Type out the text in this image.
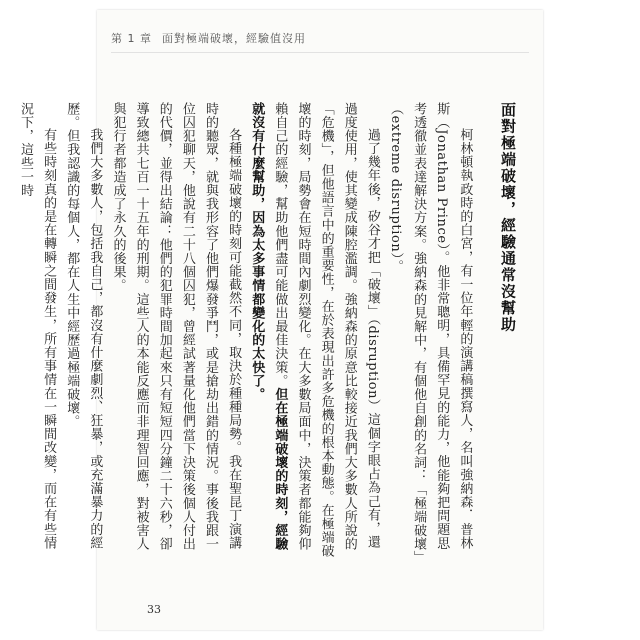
第 1 章 面對極端破壞，經驗值沒用
面對極端破壞，經驗通常沒幫助

柯林頓執政時的白宮，有一位年輕的演講稿撰寫人，名叫強納森．普林斯（Jonathan Prince）。他非常聰明，具備罕見的能力，他能夠把問題思考透徹並表達解決方案。強納森的見解中，有個他自創的名詞：「極端破壞」（extreme disruption）。

過了幾年後，矽谷才把「破壞」（disruption）這個字眼占為己有，還過度使用，使其變成陳腔濫調。強納森的原意比較接近我們大多數人所說的「危機」，但他語言中的重要性，在於表現出許多危機的根本動態。在極端破壞的時刻，局勢會在短時間內劇烈變化。在大多數局面中，決策者都能夠仰賴自己的經驗，幫助他們盡可能做出最佳決策。但在極端破壞的時刻，經驗就沒有什麼幫助，因為太多事情都變化的太快了。

各種極端破壞的時刻可能截然不同，取決於種種局勢。我在聖昆丁演講時的聽眾，就與我形容了他們爆發爭鬥，或是搶劫出錯的情況。事後我跟一位囚犯聊天，他說有二十八個囚犯，曾經試著量化他們當下決策後個人付出的代價，並得出結論：他們的犯罪時間加起來只有短短四分鐘二十六秒，卻導致總共七百一十五年的刑期。這些人的本能反應而非理智回應，對被害人與犯行者都造成了永久的後果。

我們大多數人，包括我自己，都沒有什麼劇烈、狂暴，或充滿暴力的經歷。但我認識的每個人，都在人生中經歷過極端破壞。

有些時刻真的是在轉瞬之間發生，所有事情在一瞬間改變，而在有些情況下，這些一時

33
